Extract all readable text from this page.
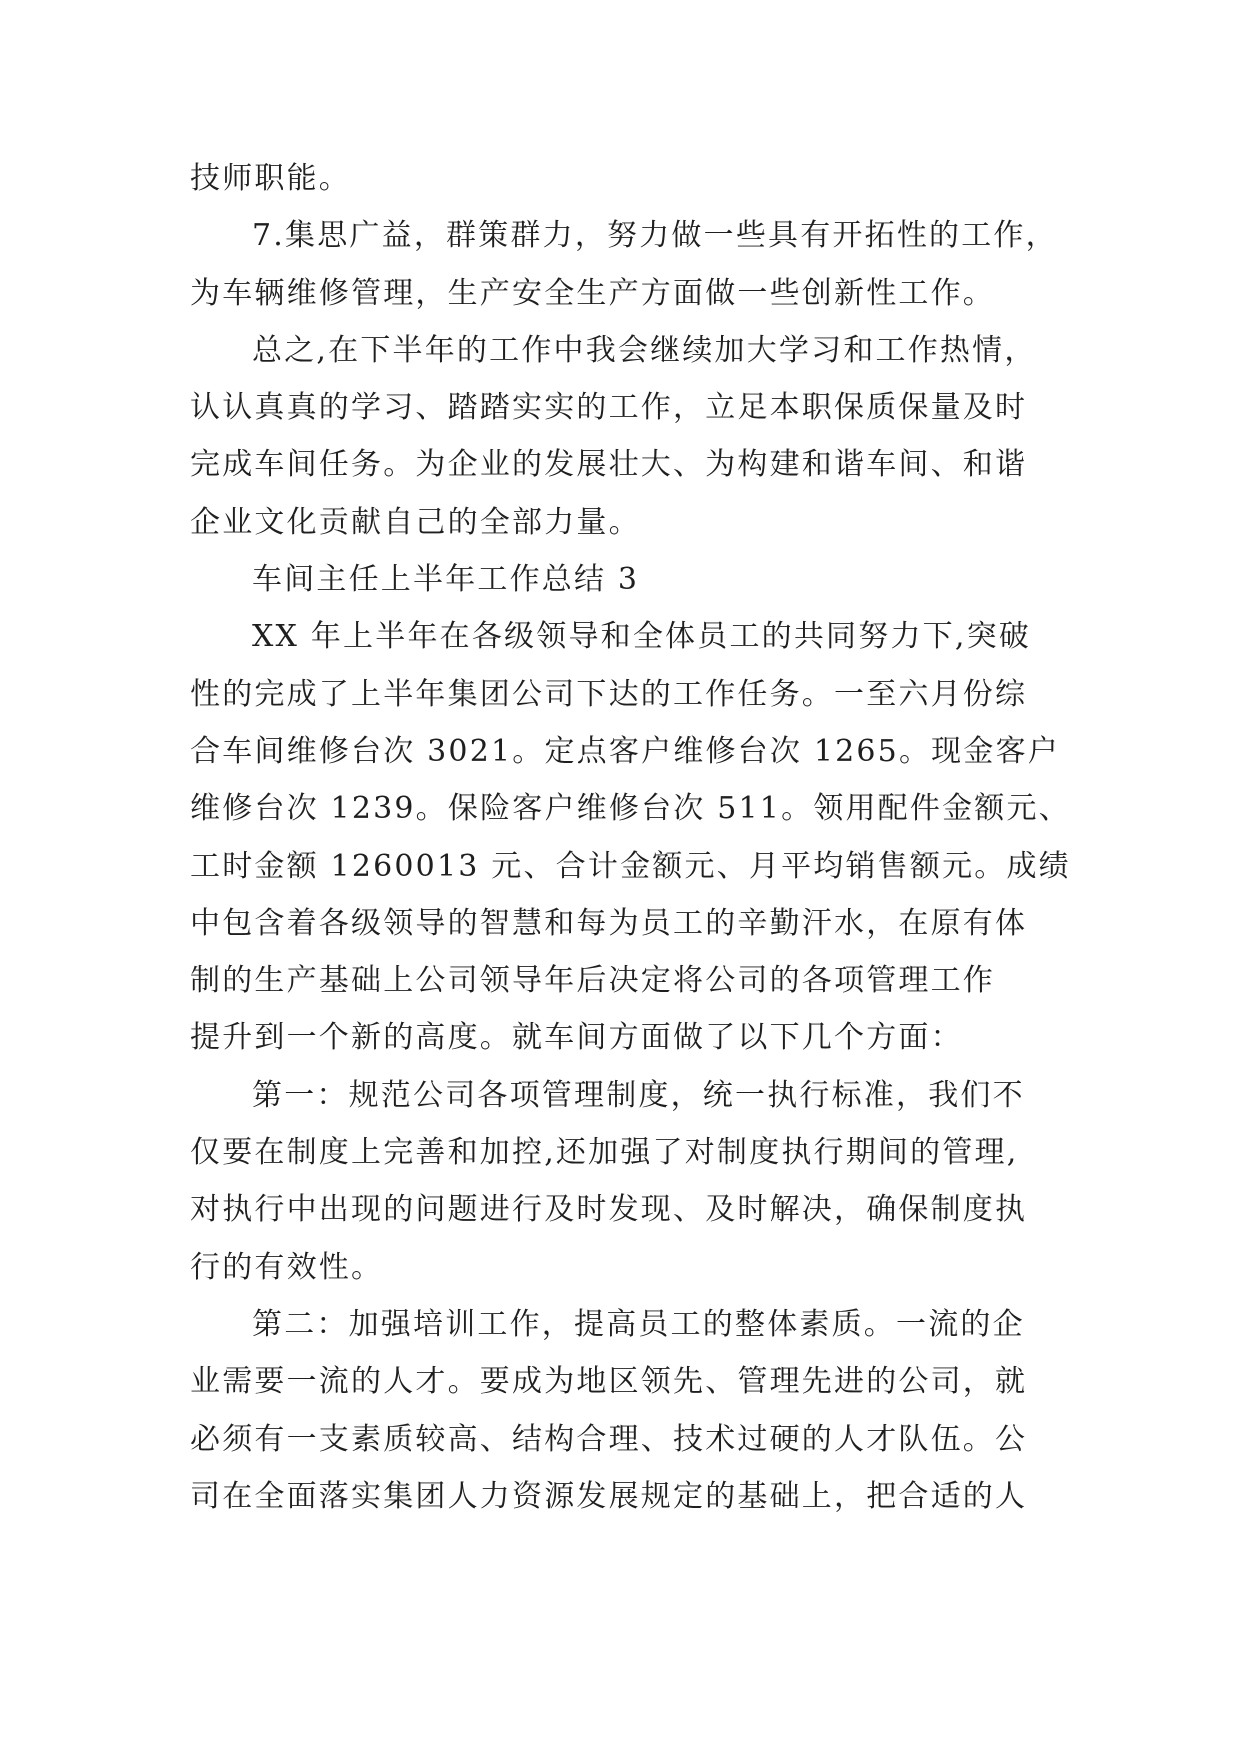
技师职能。
7.集思广益，群策群力，努力做一些具有开拓性的工作，
为车辆维修管理，生产安全生产方面做一些创新性工作。
总之,在下半年的工作中我会继续加大学习和工作热情，
认认真真的学习、踏踏实实的工作，立足本职保质保量及时
完成车间任务。为企业的发展壮大、为构建和谐车间、和谐
企业文化贡献自己的全部力量。
车间主任上半年工作总结 3
XX 年上半年在各级领导和全体员工的共同努力下,突破
性的完成了上半年集团公司下达的工作任务。一至六月份综
合车间维修台次 3021。定点客户维修台次 1265。现金客户
维修台次 1239。保险客户维修台次 511。领用配件金额元、
工时金额 1260013 元、合计金额元、月平均销售额元。成绩
中包含着各级领导的智慧和每为员工的辛勤汗水，在原有体
制的生产基础上公司领导年后决定将公司的各项管理工作
提升到一个新的高度。就车间方面做了以下几个方面：
第一：规范公司各项管理制度，统一执行标准，我们不
仅要在制度上完善和加控,还加强了对制度执行期间的管理,
对执行中出现的问题进行及时发现、及时解决，确保制度执
行的有效性。
第二：加强培训工作，提高员工的整体素质。一流的企
业需要一流的人才。要成为地区领先、管理先进的公司，就
必须有一支素质较高、结构合理、技术过硬的人才队伍。公
司在全面落实集团人力资源发展规定的基础上，把合适的人
